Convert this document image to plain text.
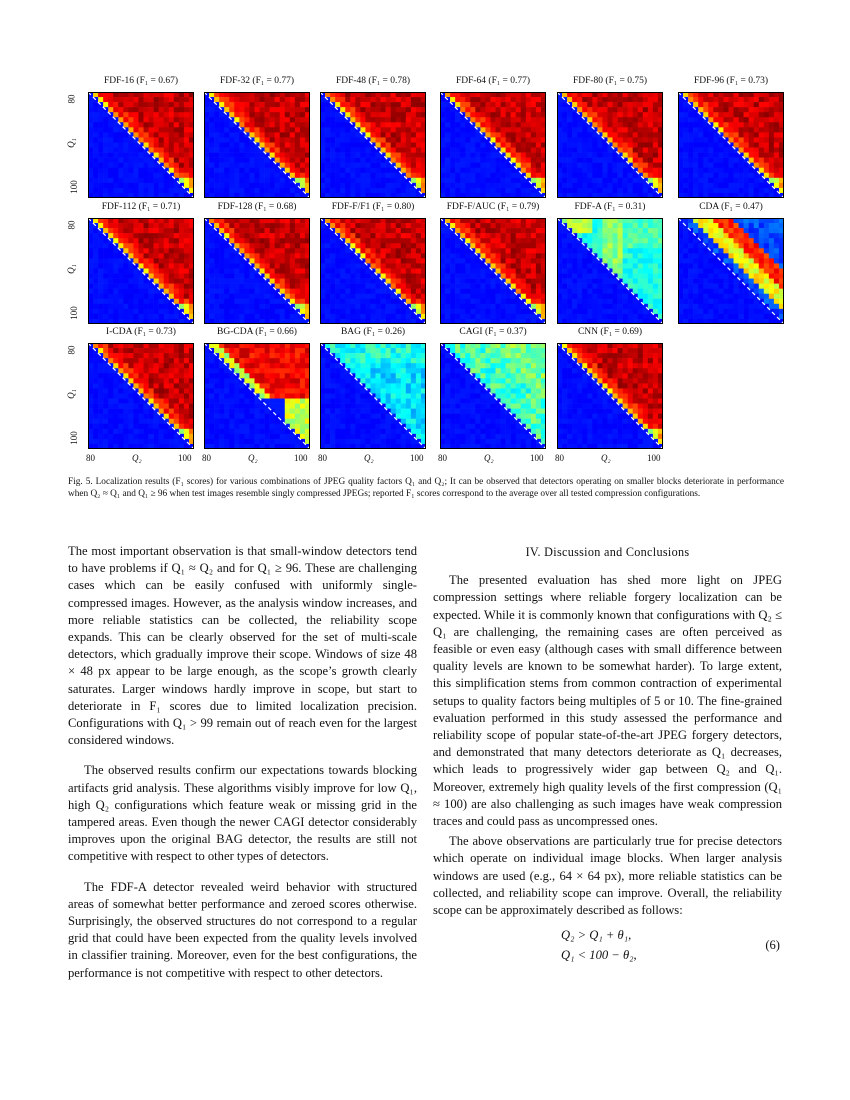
FDF-16 (F₁ = 0.67)	FDF-32 (F₁ = 0.77)	FDF-48 (F₁ = 0.78)	FDF-64 (F₁ = 0.77)	FDF-80 (F₁ = 0.75)	FDF-96 (F₁ = 0.73)
FDF-112 (F₁ = 0.71)	FDF-128 (F₁ = 0.68)	FDF-F/F1 (F₁ = 0.80)	FDF-F/AUC (F₁ = 0.79)	FDF-A (F₁ = 0.31)	CDA (F₁ = 0.47)
I-CDA (F₁ = 0.73)	BG-CDA (F₁ = 0.66)	BAG (F₁ = 0.26)	CAGI (F₁ = 0.37)	CNN (F₁ = 0.69)
80
Q₁
100
80
Q₁
100
80
Q₁
100
80	Q₂	100 80	Q₂	100 80	Q₂	100 80	Q₂	100 80	Q₂	100
Fig. 5. Localization results (F₁ scores) for various combinations of JPEG quality factors Q₁ and Q₂; It can be observed that detectors operating on smaller blocks deteriorate in performance when Q₂ ≈ Q₁ and Q₁ ≥ 96 when test images resemble singly compressed JPEGs; reported F₁ scores correspond to the average over all tested compression configurations.

The most important observation is that small-window detectors tend to have problems if Q₁ ≈ Q₂ and for Q₁ ≥ 96. These are challenging cases which can be easily confused with uniformly single-compressed images. However, as the analysis window increases, and more reliable statistics can be collected, the reliability scope expands. This can be clearly observed for the set of multi-scale detectors, which gradually improve their scope. Windows of size 48 × 48 px appear to be large enough, as the scope’s growth clearly saturates. Larger windows hardly improve in scope, but start to deteriorate in F₁ scores due to limited localization precision. Configurations with Q₁ > 99 remain out of reach even for the largest considered windows.

The observed results confirm our expectations towards blocking artifacts grid analysis. These algorithms visibly improve for low Q₁, high Q₂ configurations which feature weak or missing grid in the tampered areas. Even though the newer CAGI detector considerably improves upon the original BAG detector, the results are still not competitive with respect to other types of detectors.

The FDF-A detector revealed weird behavior with structured areas of somewhat better performance and zeroed scores otherwise. Surprisingly, the observed structures do not correspond to a regular grid that could have been expected from the quality levels involved in classifier training. Moreover, even for the best configurations, the performance is not competitive with respect to other detectors.

IV. Discussion and Conclusions

The presented evaluation has shed more light on JPEG compression settings where reliable forgery localization can be expected. While it is commonly known that configurations with Q₂ ≤ Q₁ are challenging, the remaining cases are often perceived as feasible or even easy (although cases with small difference between quality levels are known to be somewhat harder). To large extent, this simplification stems from common contraction of experimental setups to quality factors being multiples of 5 or 10. The fine-grained evaluation performed in this study assessed the performance and reliability scope of popular state-of-the-art JPEG forgery detectors, and demonstrated that many detectors deteriorate as Q₁ decreases, which leads to progressively wider gap between Q₂ and Q₁. Moreover, extremely high quality levels of the first compression (Q₁ ≈ 100) are also challenging as such images have weak compression traces and could pass as uncompressed ones.

The above observations are particularly true for precise detectors which operate on individual image blocks. When larger analysis windows are used (e.g., 64 × 64 px), more reliable statistics can be collected, and reliability scope can improve. Overall, the reliability scope can be approximately described as follows:

Q₂ > Q₁ + θ₁,
Q₁ < 100 − θ₂,
(6)
